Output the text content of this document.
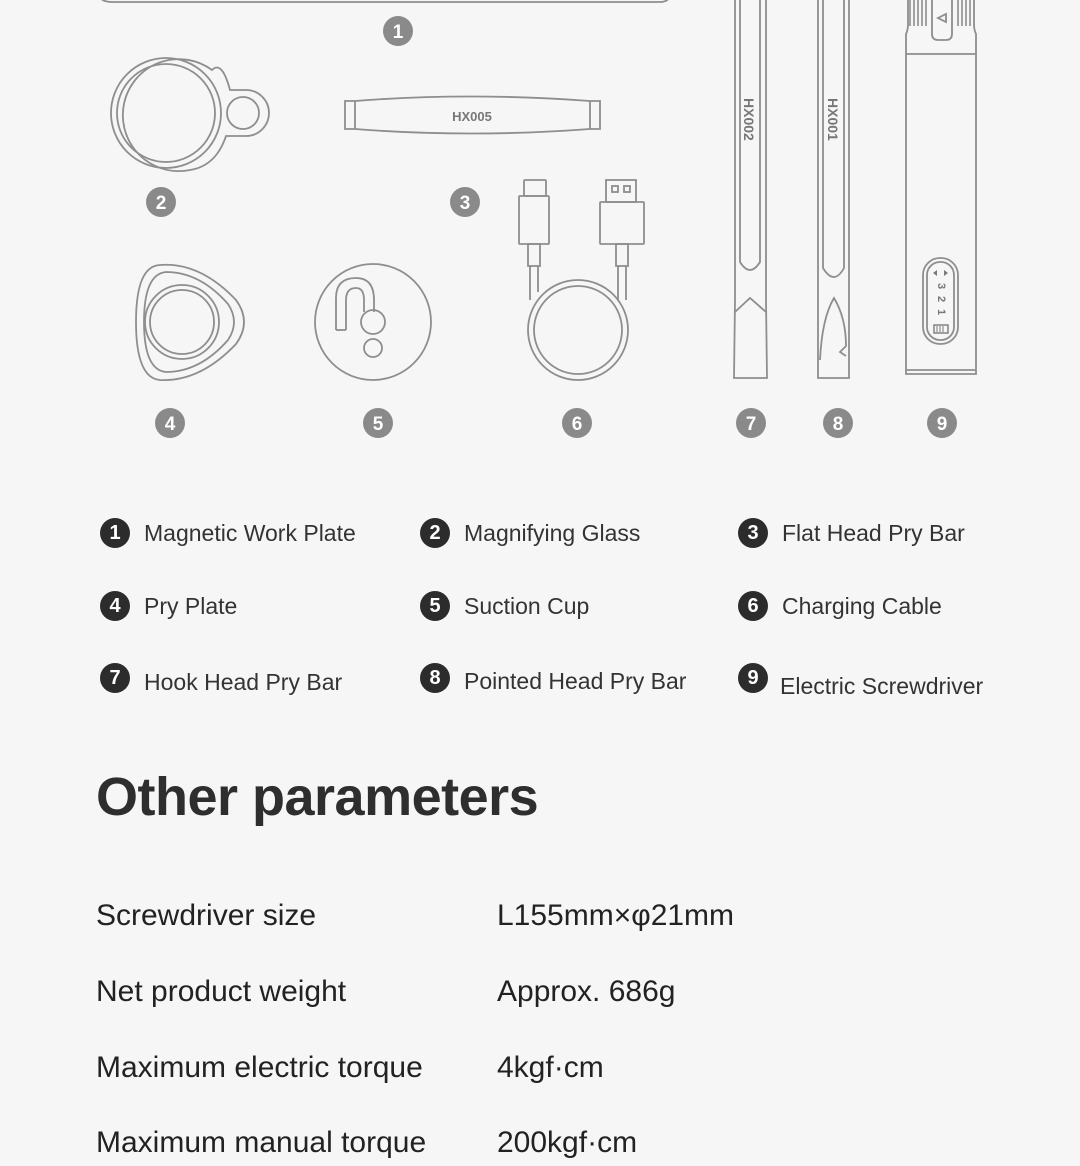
HX005	HX002	HX001
3
2
1
1
2	3
4	5	6	7	8	9
1	Magnetic Work Plate	2	Magnifying Glass	3	Flat Head Pry Bar
4	Pry Plate	5	Suction Cup	6	Charging Cable
7	Hook Head Pry Bar	8	Pointed Head Pry Bar	9 Electric Screwdriver
Other parameters
Screwdriver size	L155mm×φ21mm
Net product weight	Approx. 686g
Maximum electric torque 4kgf·cm
Maximum manual torque 200kgf·cm
